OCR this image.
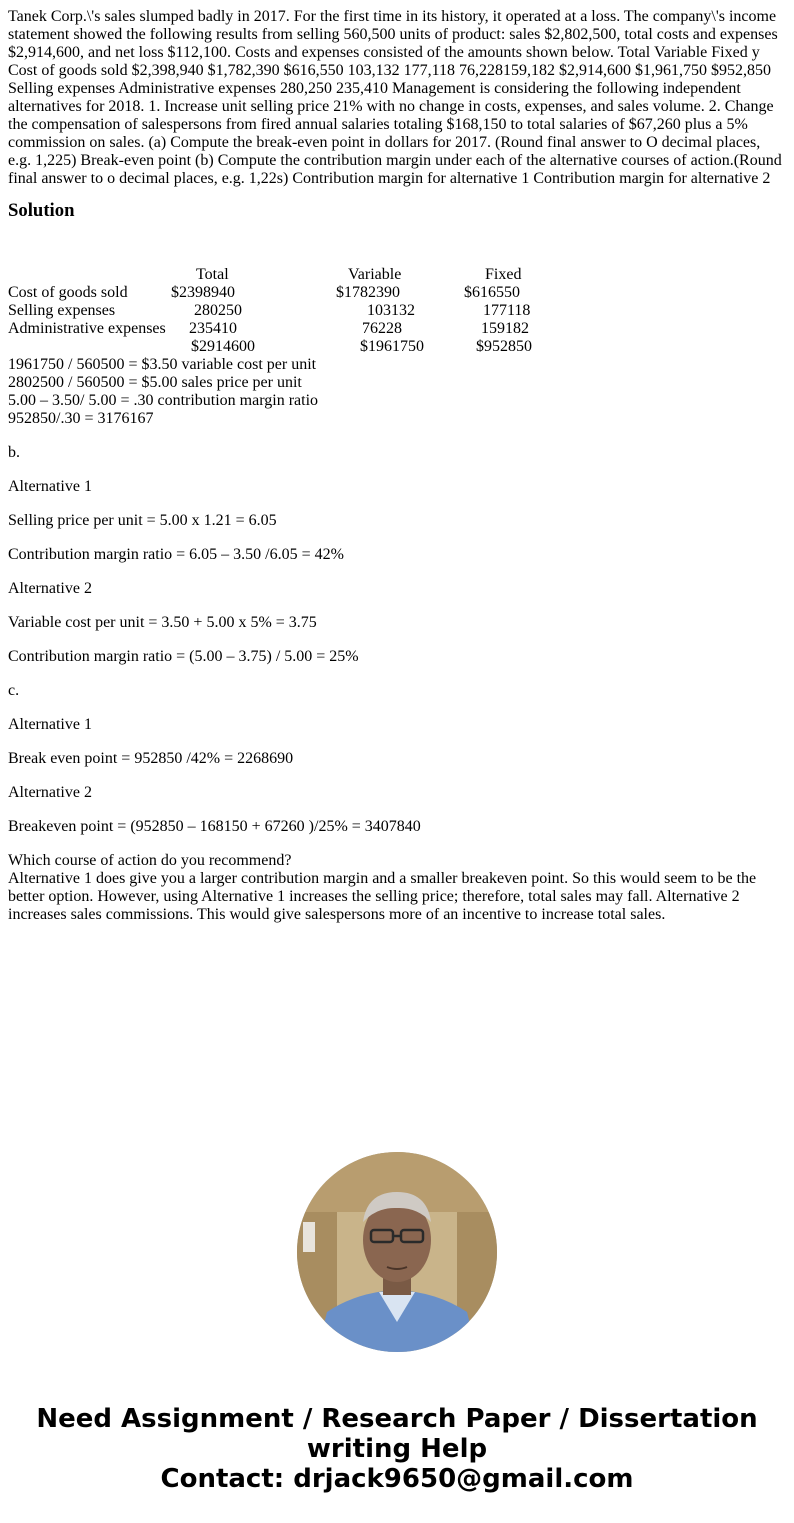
Tanek Corp.\'s sales slumped badly in 2017. For the first time in its history, it operated at a loss. The company\'s income statement showed the following results from selling 560,500 units of product: sales $2,802,500, total costs and expenses $2,914,600, and net loss $112,100. Costs and expenses consisted of the amounts shown below. Total Variable Fixed y Cost of goods sold $2,398,940 $1,782,390 $616,550 103,132 177,118 76,228159,182 $2,914,600 $1,961,750 $952,850 Selling expenses Administrative expenses 280,250 235,410 Management is considering the following independent alternatives for 2018. 1. Increase unit selling price 21% with no change in costs, expenses, and sales volume. 2. Change the compensation of salespersons from fired annual salaries totaling $168,150 to total salaries of $67,260 plus a 5% commission on sales. (a) Compute the break-even point in dollars for 2017. (Round final answer to O decimal places, e.g. 1,225) Break-even point (b) Compute the contribution margin under each of the alternative courses of action.(Round final answer to o decimal places, e.g. 1,22s) Contribution margin for alternative 1 Contribution margin for alternative 2

Solution
	Total	Variable	Fixed
Cost of goods sold	$2398940	$1782390	$616550
Selling expenses	280250	103132	177118
Administrative expenses	235410	76228	159182
	$2914600	$1961750	$952850
1961750 / 560500 = $3.50 variable cost per unit
2802500 / 560500 = $5.00 sales price per unit
5.00 – 3.50/ 5.00 = .30 contribution margin ratio
952850/.30 = 3176167

b.

Alternative 1

Selling price per unit = 5.00 x 1.21 = 6.05

Contribution margin ratio = 6.05 – 3.50 /6.05 = 42%

Alternative 2

Variable cost per unit = 3.50 + 5.00 x 5% = 3.75

Contribution margin ratio = (5.00 – 3.75) / 5.00 = 25%

c.

Alternative 1

Break even point = 952850 /42% = 2268690

Alternative 2

Breakeven point = (952850 – 168150 + 67260 )/25% = 3407840

Which course of action do you recommend?

Alternative 1 does give you a larger contribution margin and a smaller breakeven point. So this would seem to be the better option. However, using Alternative 1 increases the selling price; therefore, total sales may fall. Alternative 2 increases sales commissions. This would give salespersons more of an incentive to increase total sales.

Need Assignment / Research Paper / Dissertation
writing Help
Contact: drjack9650@gmail.com
